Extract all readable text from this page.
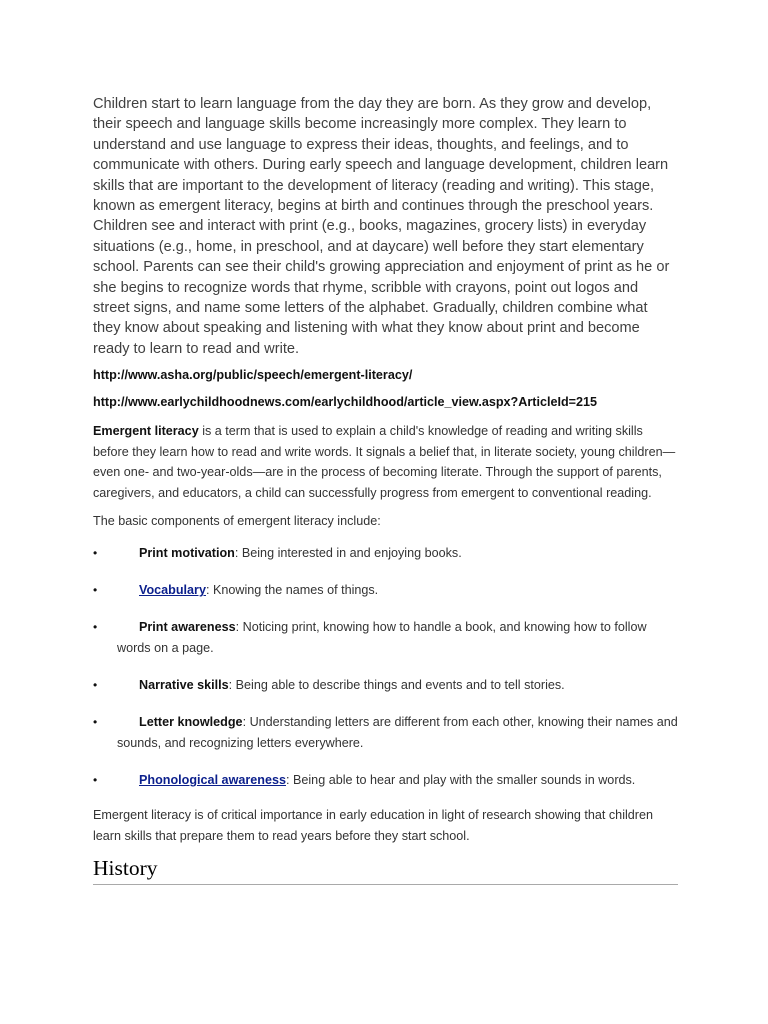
Children start to learn language from the day they are born. As they grow and develop, their speech and language skills become increasingly more complex. They learn to understand and use language to express their ideas, thoughts, and feelings, and to communicate with others. During early speech and language development, children learn skills that are important to the development of literacy (reading and writing). This stage, known as emergent literacy, begins at birth and continues through the preschool years. Children see and interact with print (e.g., books, magazines, grocery lists) in everyday situations (e.g., home, in preschool, and at daycare) well before they start elementary school. Parents can see their child's growing appreciation and enjoyment of print as he or she begins to recognize words that rhyme, scribble with crayons, point out logos and street signs, and name some letters of the alphabet. Gradually, children combine what they know about speaking and listening with what they know about print and become ready to learn to read and write.

http://www.asha.org/public/speech/emergent-literacy/

http://www.earlychildhoodnews.com/earlychildhood/article_view.aspx?ArticleId=215

Emergent literacy is a term that is used to explain a child's knowledge of reading and writing skills before they learn how to read and write words. It signals a belief that, in literate society, young children—even one- and two-year-olds—are in the process of becoming literate. Through the support of parents, caregivers, and educators, a child can successfully progress from emergent to conventional reading.

The basic components of emergent literacy include:

•	Print motivation: Being interested in and enjoying books.
•	Vocabulary: Knowing the names of things.
•	Print awareness: Noticing print, knowing how to handle a book, and knowing how to follow words on a page.
•	Narrative skills: Being able to describe things and events and to tell stories.
•	Letter knowledge: Understanding letters are different from each other, knowing their names and sounds, and recognizing letters everywhere.
•	Phonological awareness: Being able to hear and play with the smaller sounds in words.

Emergent literacy is of critical importance in early education in light of research showing that children learn skills that prepare them to read years before they start school.

History
